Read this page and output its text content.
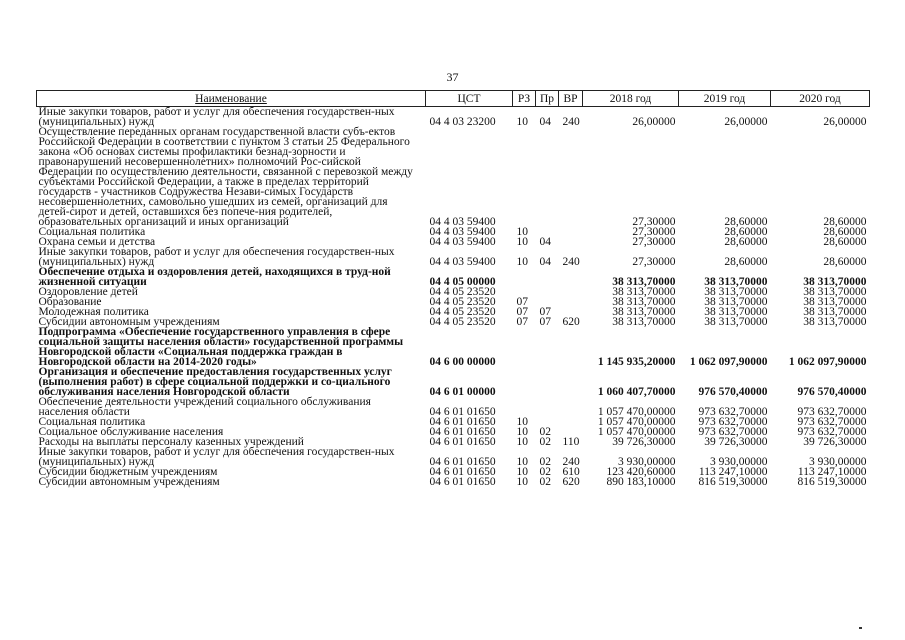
37
Наименование	ЦСТ	РЗ	Пр	ВР	2018 год	2019 год	2020 год
Иные закупки товаров, работ и услуг для обеспечения государствен-ных (муниципальных) нужд	04 4 03 23200	10	04	240	26,00000	26,00000	26,00000
Осуществление переданных органам государственной власти субъ-ектов Российской Федерации в соответствии с пунктом 3 статьи 25 Федерального закона «Об основах системы профилактики безнад-зорности и правонарушений несовершеннолетних» полномочий Рос-сийской Федерации по осуществлению деятельности, связанной с перевозкой между субъектами Российской Федерации, а также в пределах территорий государств - участников Содружества Незави-симых Государств несовершеннолетних, самовольно ушедших из семей, организаций для детей-сирот и детей, оставшихся без попече-ния родителей, образовательных организаций и иных организаций	04 4 03 59400				27,30000	28,60000	28,60000
Социальная политика	04 4 03 59400	10			27,30000	28,60000	28,60000
Охрана семьи и детства	04 4 03 59400	10	04		27,30000	28,60000	28,60000
Иные закупки товаров, работ и услуг для обеспечения государствен-ных (муниципальных) нужд	04 4 03 59400	10	04	240	27,30000	28,60000	28,60000
Обеспечение отдыха и оздоровления детей, находящихся в труд-ной жизненной ситуации	04 4 05 00000				38 313,70000	38 313,70000	38 313,70000
Оздоровление детей	04 4 05 23520				38 313,70000	38 313,70000	38 313,70000
Образование	04 4 05 23520	07			38 313,70000	38 313,70000	38 313,70000
Молодежная политика	04 4 05 23520	07	07		38 313,70000	38 313,70000	38 313,70000
Субсидии автономным учреждениям	04 4 05 23520	07	07	620	38 313,70000	38 313,70000	38 313,70000
Подпрограмма «Обеспечение государственного управления в сфере социальной защиты населения области» государственной программы Новгородской области «Социальная поддержка граждан в Новгородской области на 2014-2020 годы»	04 6 00 00000				1 145 935,20000	1 062 097,90000	1 062 097,90000
Организация и обеспечение предоставления государственных услуг (выполнения работ) в сфере социальной поддержки и со-циального обслуживания населения Новгородской области	04 6 01 00000				1 060 407,70000	976 570,40000	976 570,40000
Обеспечение деятельности учреждений социального обслуживания населения области	04 6 01 01650				1 057 470,00000	973 632,70000	973 632,70000
Социальная политика	04 6 01 01650	10			1 057 470,00000	973 632,70000	973 632,70000
Социальное обслуживание населения	04 6 01 01650	10	02		1 057 470,00000	973 632,70000	973 632,70000
Расходы на выплаты персоналу казенных учреждений	04 6 01 01650	10	02	110	39 726,30000	39 726,30000	39 726,30000
Иные закупки товаров, работ и услуг для обеспечения государствен-ных (муниципальных) нужд	04 6 01 01650	10	02	240	3 930,00000	3 930,00000	3 930,00000
Субсидии бюджетным учреждениям	04 6 01 01650	10	02	610	123 420,60000	113 247,10000	113 247,10000
Субсидии автономным учреждениям	04 6 01 01650	10	02	620	890 183,10000	816 519,30000	816 519,30000
